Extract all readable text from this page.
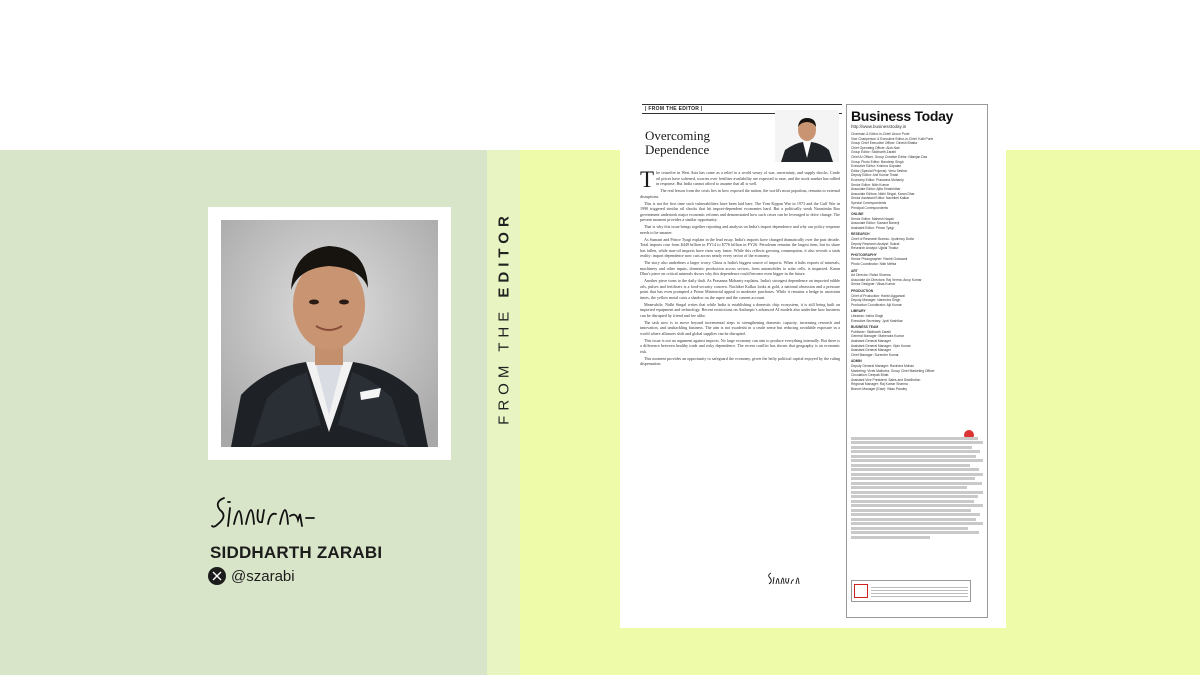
SIDDHARTH ZARABI
@szarabi
FROM THE EDITOR
| FROM THE EDITOR |
Overcoming
Dependence

The ceasefire in West Asia has come as a relief to a world weary of war, uncertainty, and supply shocks. Crude oil prices have softened, worries over fertiliser availability are expected to ease, and the stock market has rallied in response. But India cannot afford to assume that all is well.

The real lesson from the crisis lies in how exposed the nation, the world's most populous, remains to external disruptions.

This is not the first time such vulnerabilities have been laid bare. The Yom Kippur War in 1973 and the Gulf War in 1990 triggered similar oil shocks that hit import-dependent economies hard. But a politically weak Narasimha Rao government undertook major economic reforms and demonstrated how such crises can be leveraged to drive change. The present moment provides a similar opportunity.

That is why this issue brings together reporting and analysis on India's import dependence and why our policy response needs to be smarter.

As Sumant and Prince Tyagi explain in the lead essay, India's imports have changed dramatically over the past decade. Total imports rose from $449 billion in FY14 to $776 billion in FY26. Petroleum remains the largest item, but its share has fallen, while non-oil imports have risen way faster. While this reflects growing consumption, it also reveals a stark reality: import dependence now cuts across nearly every sector of the economy.

The story also underlines a larger worry. China is India's biggest source of imports. When it halts exports of minerals, machinery and other inputs, domestic production across sectors, from automobiles to solar cells, is impacted. Karan Dhar's piece on critical minerals shows why this dependence could become even bigger in the future.

Another piece turns to the daily thali. As Prasanna Mohanty explains, India's strongest dependence on imported edible oils, pulses and fertilisers is a food-security concern. Nachiket Kalkar looks at gold, a national obsession and a pressure point that has even prompted a Prime Ministerial appeal to moderate purchases. While it remains a hedge in uncertain times, the yellow metal casts a shadow on the rupee and the current account.

Meanwhile, Nidhi Singal writes that while India is establishing a domestic chip ecosystem, it is still being built on imported equipment and technology. Recent restrictions on Anthropic's advanced AI models also underline how business can be disrupted by friend and foe alike.

The task now is to move beyond incremental steps to strengthening domestic capacity, increasing research and innovation, and unshackling business. The aim is not swadeshi in a crude sense but reducing avoidable exposure in a world where alliances shift and global supplies can be disrupted.

This issue is not an argument against imports. No large economy can aim to produce everything internally. But there is a difference between healthy trade and risky dependence. The recent conflict has shown that geography is an economic risk.

This moment provides an opportunity to safeguard the economy, given the hefty political capital enjoyed by the ruling dispensation.

Business Today
http://www.businesstoday.in
Chairman & Editor-in-Chief: Aroon Purie
Vice Chairperson & Executive Editor-in-Chief: Kalli Purie
Group Chief Executive Officer: Dinesh Bhatia
Chief Operating Officer: Alok Nair
Group Editor: Siddharth Zarabi
Chief AI Officer, Group Creative Editor: Nilanjan Das
Group Photo Editor: Bandeep Singh
Executive Editor: Krishna Gopalan
Editor (Special Projects): Venu Sekhar
Deputy Editor: Anil Kumar Tiwari
Economy Editor: Prasanna Mohanty
Senior Editor: Nitin Kumar
Associate Editor: Ajita Shashidhar
Associate Editors: Nidhi Singal, Karan Dhar
Senior Assistant Editor: Nachiket Kalkar
Special Correspondents
Principal Correspondents
ONLINE
Senior Editor: Mahesh Nayak
Associate Editor: Sumant Banerji
Assistant Editor: Prince Tyagi
RESEARCH
Chief of Research Bureau: Jyotirmoy Dutta
Deputy Research Analyst: Sukrat
Research Analyst: Ujjwal Thakur
PHOTOGRAPHY
Senior Photographer: Rachit Goswami
Photo Coordinator: Nitin Mehta
ART
Art Director: Rahul Sharma
Associate Art Directors: Raj Verma, Anup Kumar
Senior Designer: Vikas Kumar
PRODUCTION
Chief of Production: Harish Aggarwal
Deputy Manager: Narendra Singh
Production Coordinator: Ajit Kumar
LIBRARY
Librarian: Indira Singh
Executive Secretary: Jyoti Kashikar
BUSINESS TEAM
Publisher: Siddharth Zarabi
General Manager: Mahendra Kumar
Assistant General Manager
Assistant General Manager: Vipin Kumar
Assistant General Manager
Chief Manager: Surender Kumar
ADMIN
Deputy General Manager: Ravindra Mohan
Marketing: Vivek Malhotra, Group Chief Marketing Officer
Circulation: Deepak Bhatt
Assistant Vice President: Sales and Distribution
Regional Manager: Raj Kumar Sharma
Branch Manager (East): Vikas Pandey
